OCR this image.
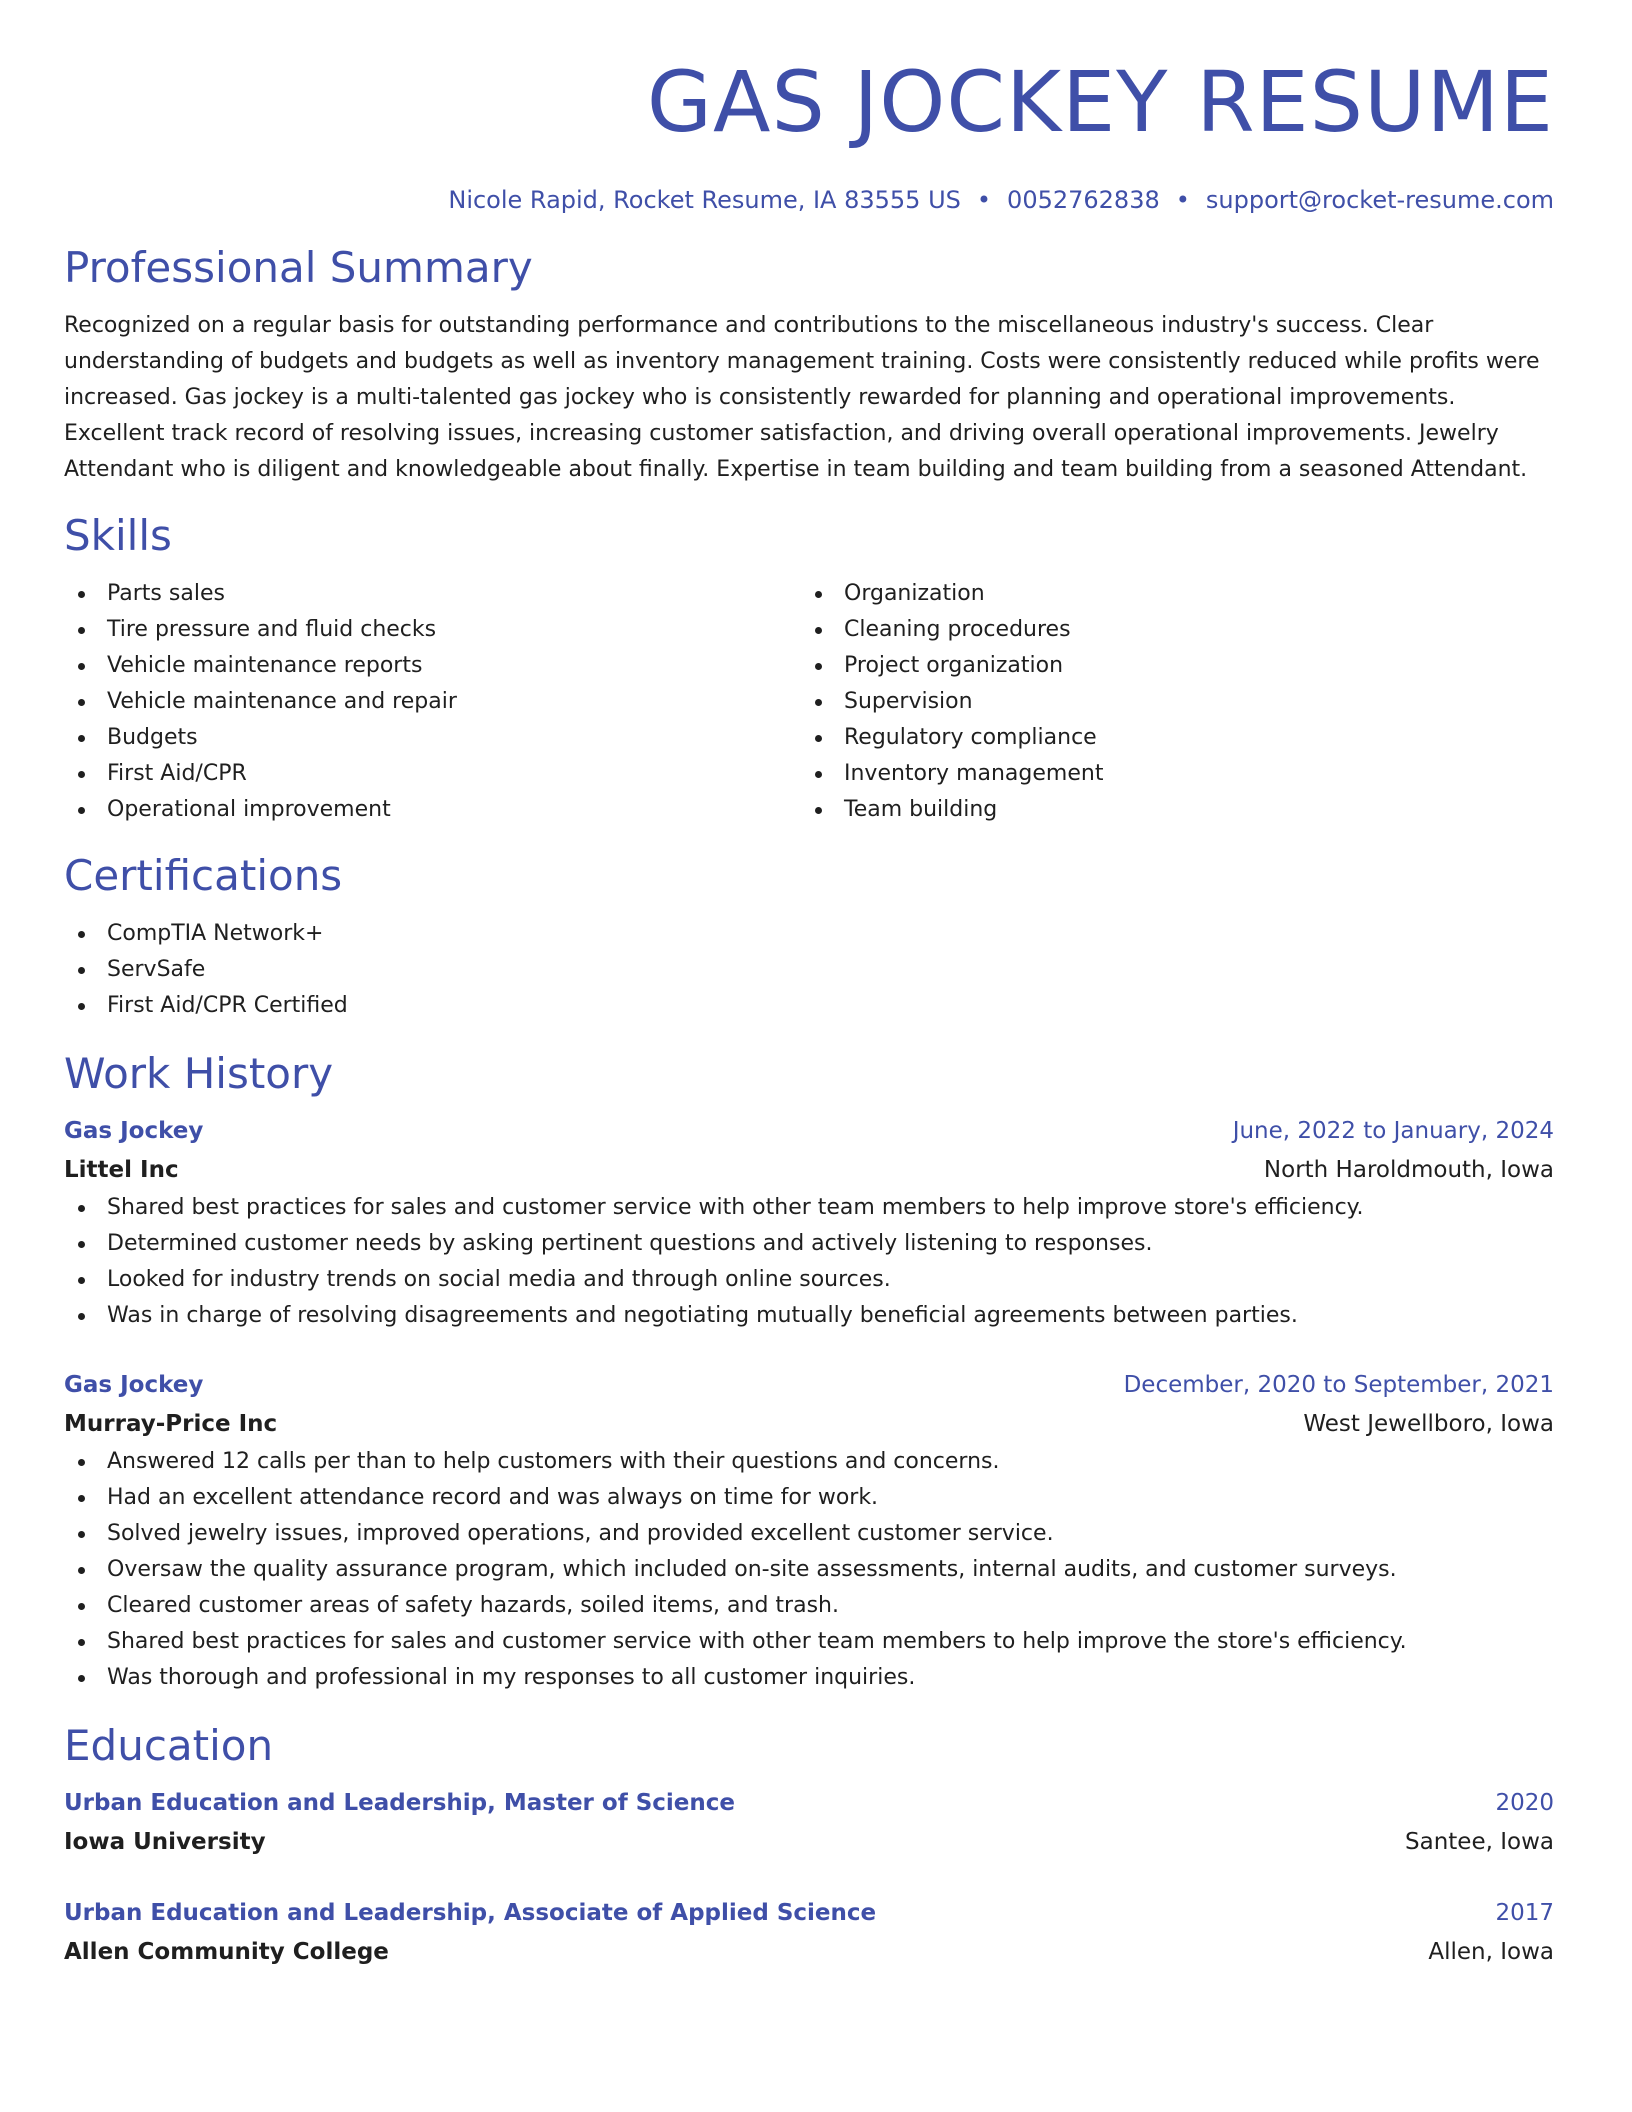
GAS JOCKEY RESUME
Nicole Rapid, Rocket Resume, IA 83555 US • 0052762838 • support@rocket-resume.com
Professional Summary

Recognized on a regular basis for outstanding performance and contributions to the miscellaneous industry's success. Clear understanding of budgets and budgets as well as inventory management training. Costs were consistently reduced while profits were increased. Gas jockey is a multi-talented gas jockey who is consistently rewarded for planning and operational improvements. Excellent track record of resolving issues, increasing customer satisfaction, and driving overall operational improvements. Jewelry Attendant who is diligent and knowledgeable about finally. Expertise in team building and team building from a seasoned Attendant.

Skills
Parts sales
Tire pressure and fluid checks
Vehicle maintenance reports
Vehicle maintenance and repair
Budgets
First Aid/CPR
Operational improvement
Organization
Cleaning procedures
Project organization
Supervision
Regulatory compliance
Inventory management
Team building
Certifications
CompTIA Network+
ServSafe
First Aid/CPR Certified
Work History
Gas Jockey	June, 2022 to January, 2024
Littel Inc	North Haroldmouth, Iowa
Shared best practices for sales and customer service with other team members to help improve store's efficiency.
Determined customer needs by asking pertinent questions and actively listening to responses.
Looked for industry trends on social media and through online sources.
Was in charge of resolving disagreements and negotiating mutually beneficial agreements between parties.
Gas Jockey	December, 2020 to September, 2021
Murray-Price Inc	West Jewellboro, Iowa
Answered 12 calls per than to help customers with their questions and concerns.
Had an excellent attendance record and was always on time for work.
Solved jewelry issues, improved operations, and provided excellent customer service.
Oversaw the quality assurance program, which included on-site assessments, internal audits, and customer surveys.
Cleared customer areas of safety hazards, soiled items, and trash.
Shared best practices for sales and customer service with other team members to help improve the store's efficiency.
Was thorough and professional in my responses to all customer inquiries.
Education
Urban Education and Leadership, Master of Science	2020
Iowa University	Santee, Iowa
Urban Education and Leadership, Associate of Applied Science	2017
Allen Community College	Allen, Iowa
